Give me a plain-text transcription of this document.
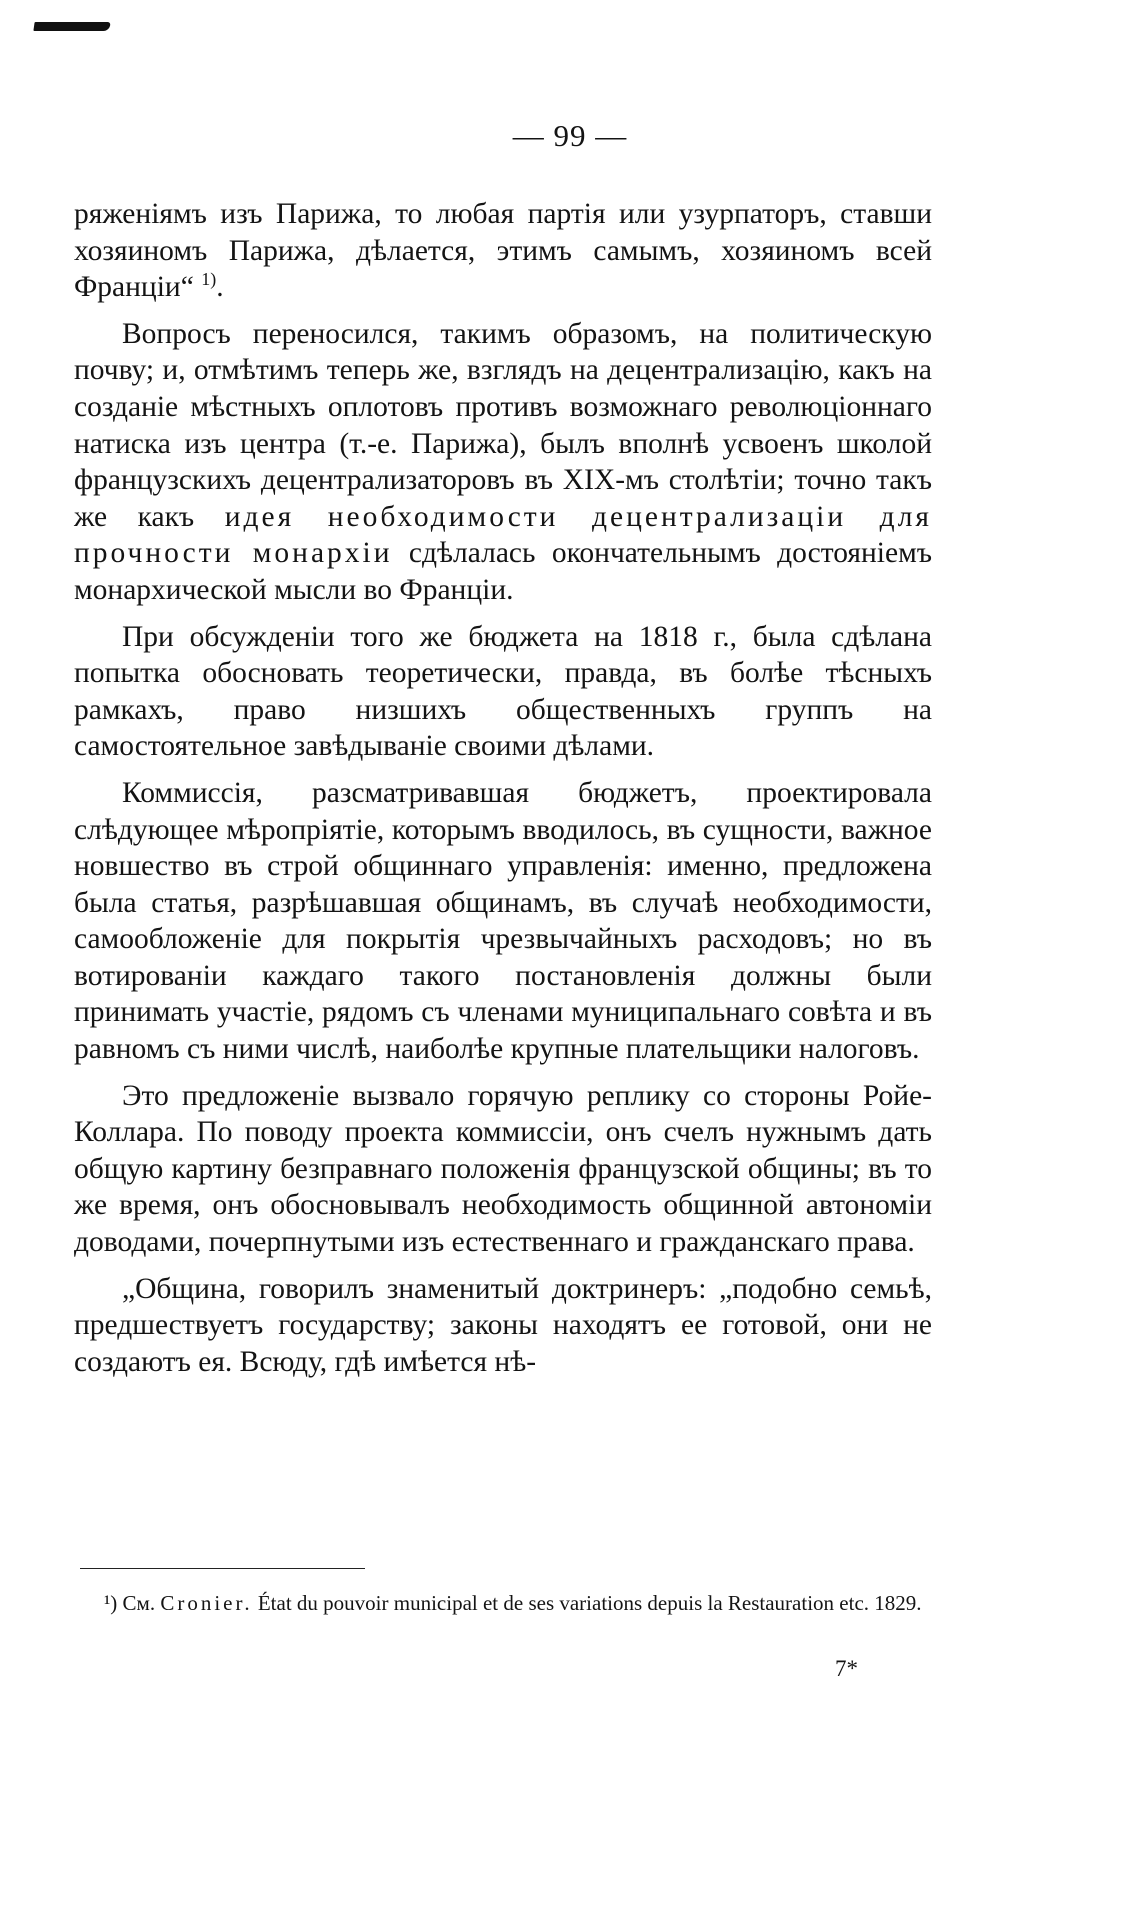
— 99 —

ряженіямъ изъ Парижа, то любая партія или узурпаторъ, ставши хозяиномъ Парижа, дѣлается, этимъ самымъ, хозяиномъ всей Франціи“ $^{1)}$.

Вопросъ переносился, такимъ образомъ, на политическую почву; и, отмѣтимъ теперь же, взглядъ на децентрализацію, какъ на созданіе мѣстныхъ оплотовъ противъ возможнаго революціоннаго натиска изъ центра (т.-е. Парижа), былъ вполнѣ усвоенъ школой французскихъ децентрализаторовъ въ XIX-мъ столѣтіи; точно такъ же какъ идея необходимости децентрализаціи для прочности монархіи сдѣлалась окончательнымъ достояніемъ монархической мысли во Франціи.

При обсужденіи того же бюджета на 1818 г., была сдѣлана попытка обосновать теоретически, правда, въ болѣе тѣсныхъ рамкахъ, право низшихъ общественныхъ группъ на самостоятельное завѣдываніе своими дѣлами.

Коммиссія, разсматривавшая бюджетъ, проектировала слѣдующее мѣропріятіе, которымъ вводилось, въ сущности, важное новшество въ строй общиннаго управленія: именно, предложена была статья, разрѣшавшая общинамъ, въ случаѣ необходимости, самообложеніе для покрытія чрезвычайныхъ расходовъ; но въ вотированіи каждаго такого постановленія должны были принимать участіе, рядомъ съ членами муниципальнаго совѣта и въ равномъ съ ними числѣ, наиболѣе крупные плательщики налоговъ.

Это предложеніе вызвало горячую реплику со стороны Ройе-Коллара. По поводу проекта коммиссіи, онъ счелъ нужнымъ дать общую картину безправнаго положенія французской общины; въ то же время, онъ обосновывалъ необходимость общинной автономіи доводами, почерпнутыми изъ естественнаго и гражданскаго права.

„Община, говорилъ знаменитый доктринеръ: „подобно семьѣ, предшествуетъ государству; законы находятъ ее готовой, они не создаютъ ея. Всюду, гдѣ имѣется нѣ-

¹) См. Cronier. État du pouvoir municipal et de ses variations depuis la Restauration etc. 1829.
7*
